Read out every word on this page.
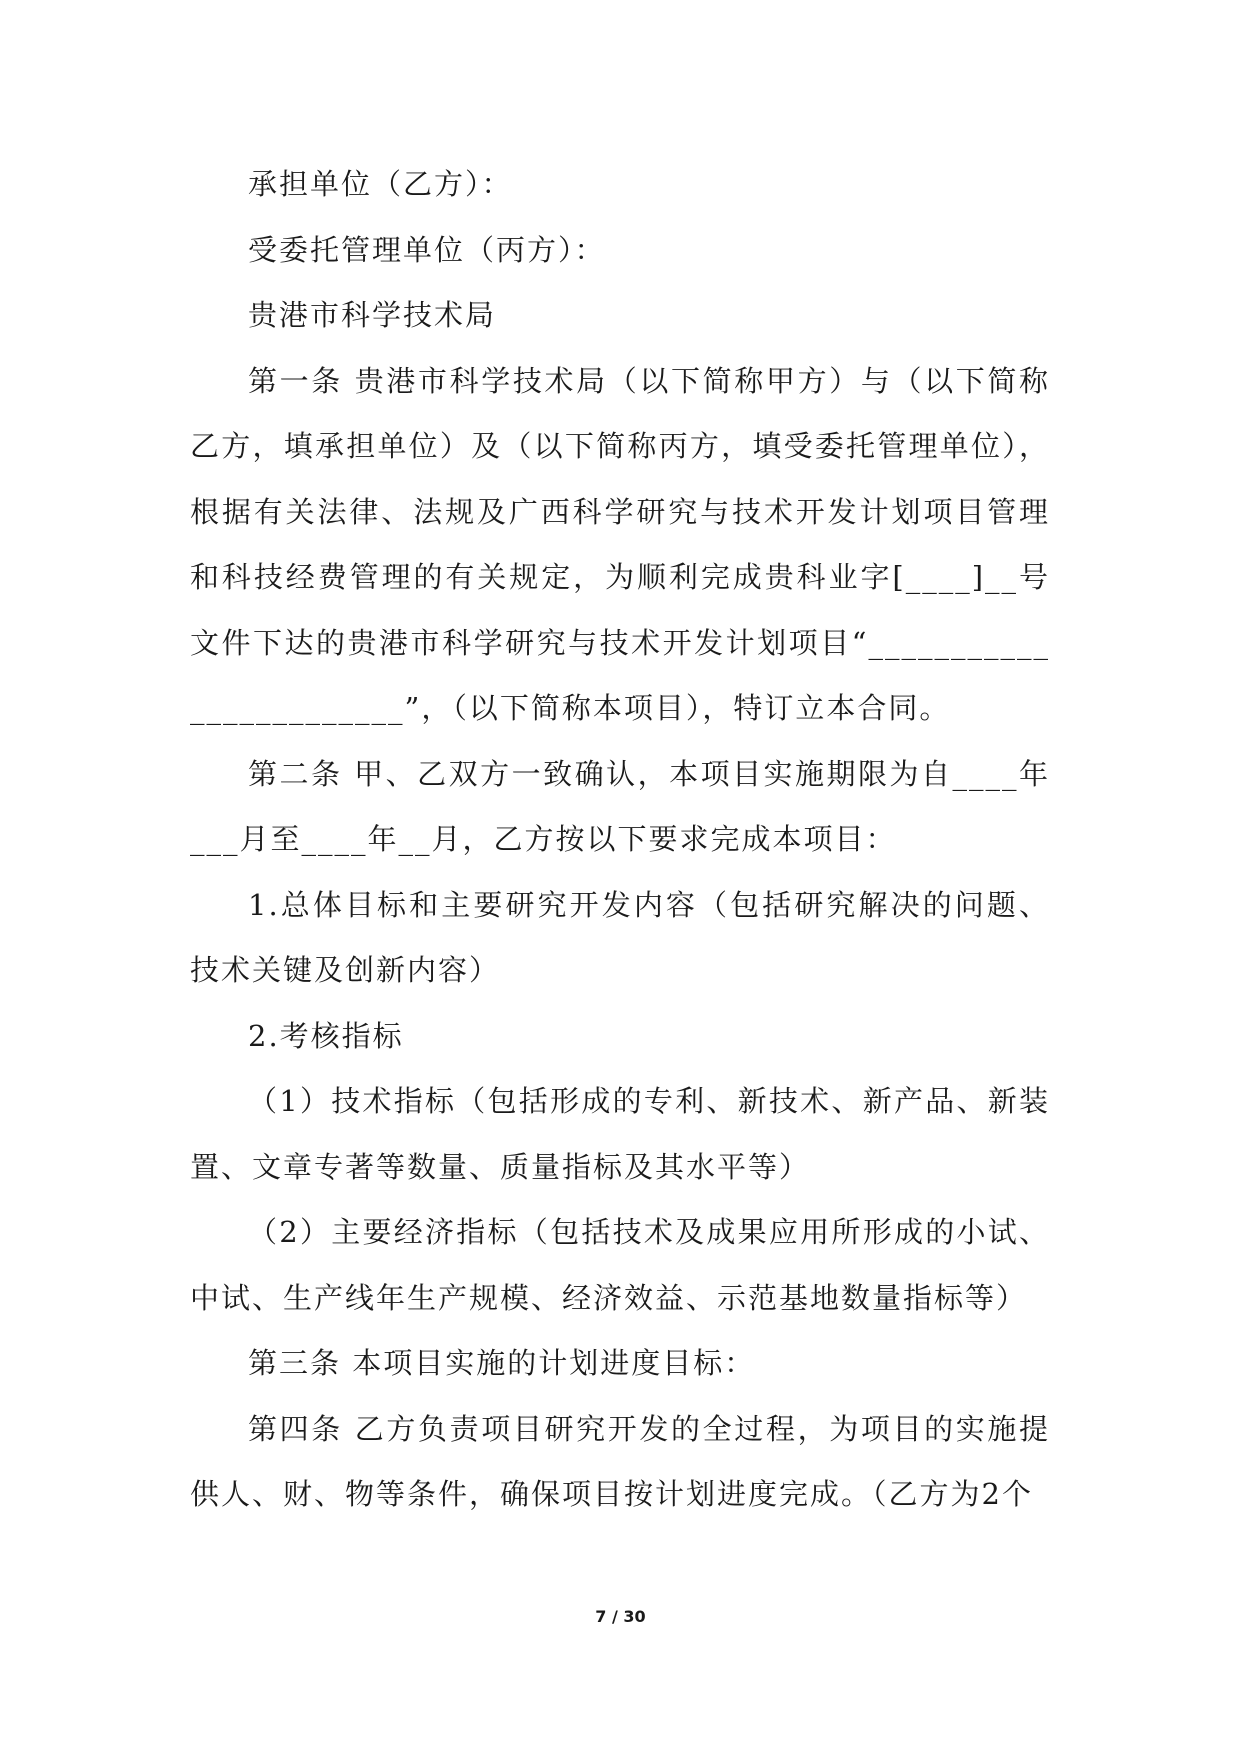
承担单位（乙方）：

受委托管理单位（丙方）：

贵港市科学技术局

第一条 贵港市科学技术局（以下简称甲方）与（以下简称乙方，填承担单位）及（以下简称丙方，填受委托管理单位），根据有关法律、法规及广西科学研究与技术开发计划项目管理和科技经费管理的有关规定，为顺利完成贵科业字[____]__号文件下达的贵港市科学研究与技术开发计划项目“________________________”，（以下简称本项目），特订立本合同。

第二条 甲、乙双方一致确认，本项目实施期限为自____年___月至____年__月，乙方按以下要求完成本项目：

1.总体目标和主要研究开发内容（包括研究解决的问题、技术关键及创新内容）

2.考核指标

（1）技术指标（包括形成的专利、新技术、新产品、新装置、文章专著等数量、质量指标及其水平等）

（2）主要经济指标（包括技术及成果应用所形成的小试、中试、生产线年生产规模、经济效益、示范基地数量指标等）

第三条 本项目实施的计划进度目标：

第四条 乙方负责项目研究开发的全过程，为项目的实施提供人、财、物等条件，确保项目按计划进度完成。（乙方为2个

7 / 30
